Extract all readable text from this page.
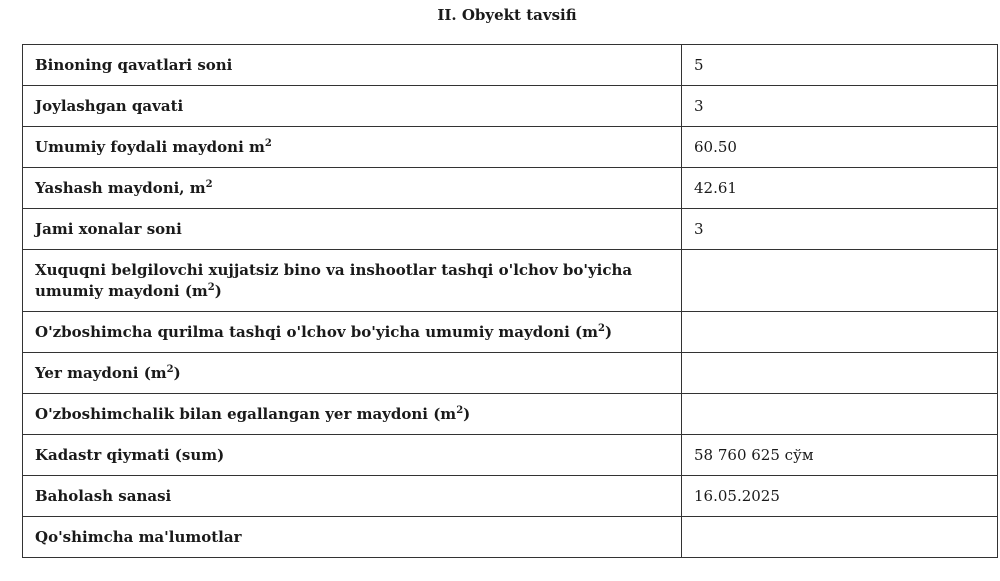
II. Obyekt tavsifi
Binoning qavatlari soni	5
Joylashgan qavati	3
Umumiy foydali maydoni $m^2$	60.50
Yashash maydoni, $m^2$	42.61
Jami xonalar soni	3
Xuquqni belgilovchi xujjatsiz bino va inshootlar tashqi o'lchov bo'yicha umumiy maydoni $(m^2)$	
O'zboshimcha qurilma tashqi o'lchov bo'yicha umumiy maydoni $(m^2)$	
Yer maydoni $(m^2)$	
O'zboshimchalik bilan egallangan yer maydoni $(m^2)$	
Kadastr qiymati (sum)	58 760 625 сўм
Baholash sanasi	16.05.2025
Qo'shimcha ma'lumotlar	
